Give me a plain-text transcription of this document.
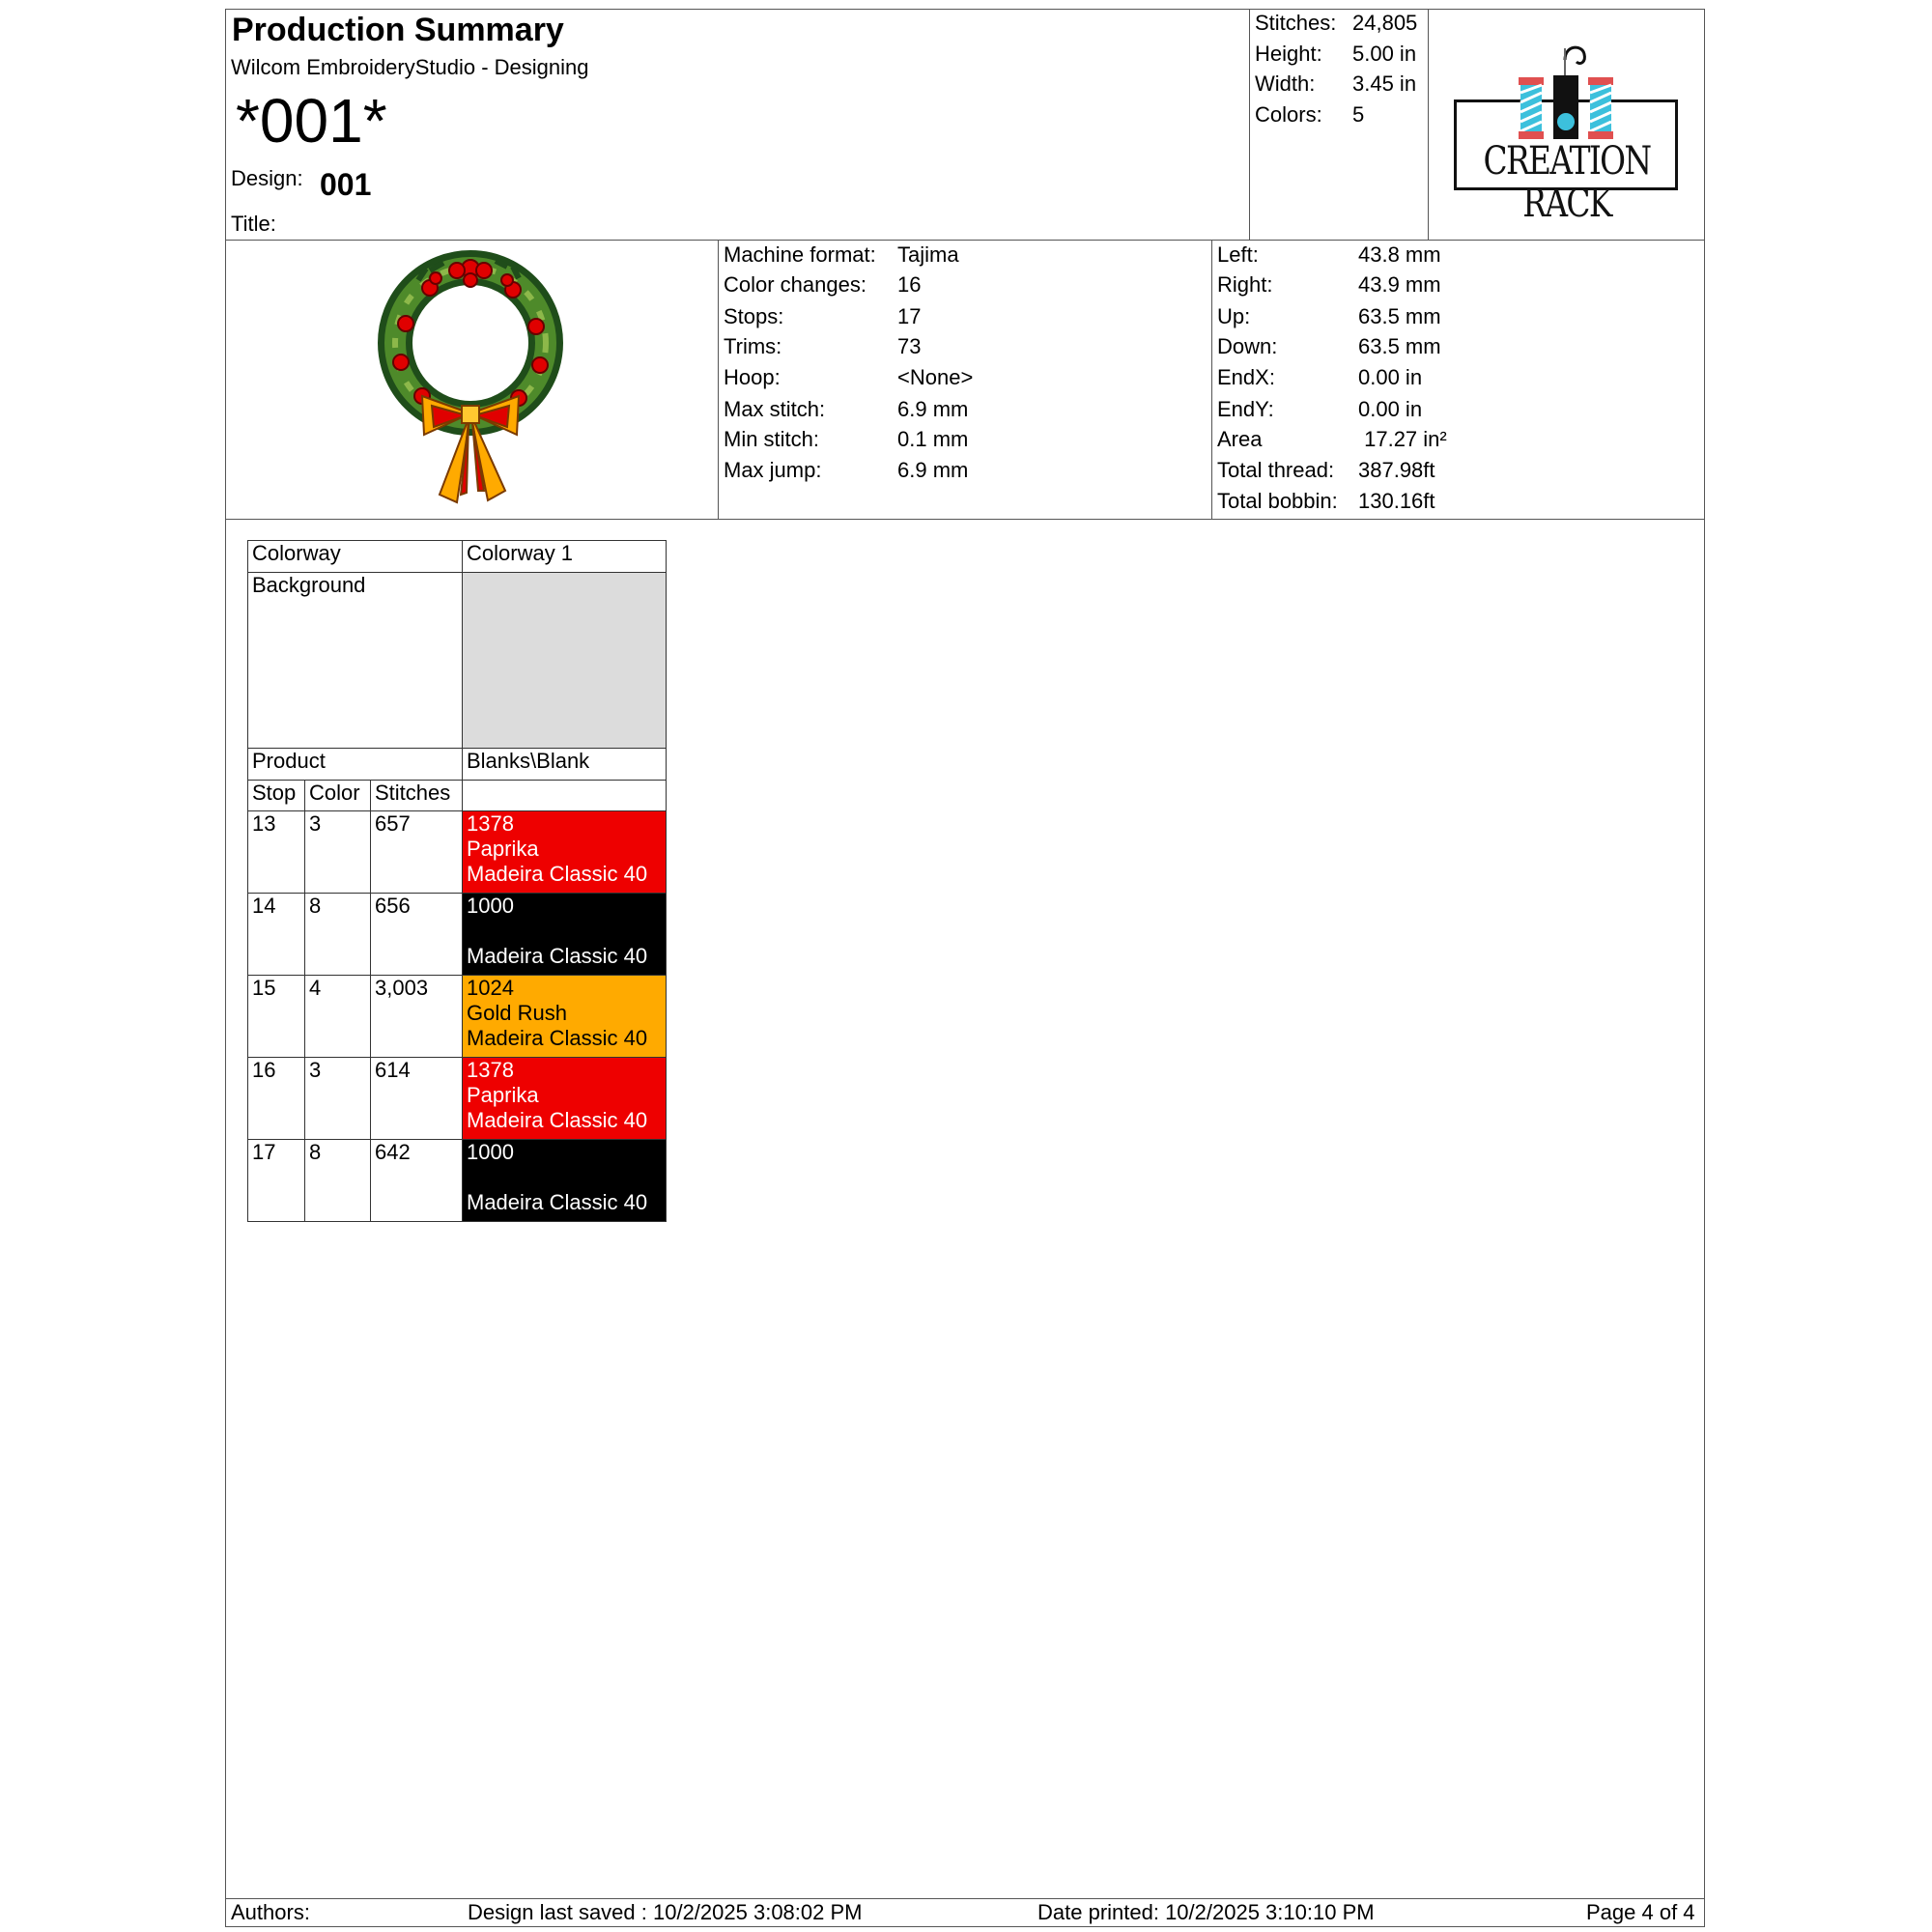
Production Summary
Wilcom EmbroideryStudio - Designing
*001*
Design: 001
Title:
Stitches: 24,805
Height: 5.00 in
Width: 3.45 in
Colors: 5
CREATION RACK
Machine format: Tajima
Color changes: 16
Stops:	17
Trims:	73
Hoop:	<None>
Max stitch:	6.9 mm
Min stitch:	0.1 mm
Max jump:	6.9 mm
Left:	43.8 mm
Right:	43.9 mm
Up:	63.5 mm
Down:	63.5 mm
EndX:	0.00 in
EndY:	0.00 in
Area	17.27 in²
Total thread: 387.98ft
Total bobbin: 130.16ft
Colorway			Colorway 1
Background			
Product			Blanks\Blank
Stop	Color	Stitches	
13	3	657	1378
Paprika
Madeira Classic 40

14	8	656	1000
Madeira Classic 40

15	4	3,003	1024
Gold Rush
Madeira Classic 40

16	3	614	1378
Paprika
Madeira Classic 40

17	8	642	1000
Madeira Classic 40
Authors:	Design last saved : 10/2/2025 3:08:02 PM	Date printed: 10/2/2025 3:10:10 PM	Page 4 of 4
